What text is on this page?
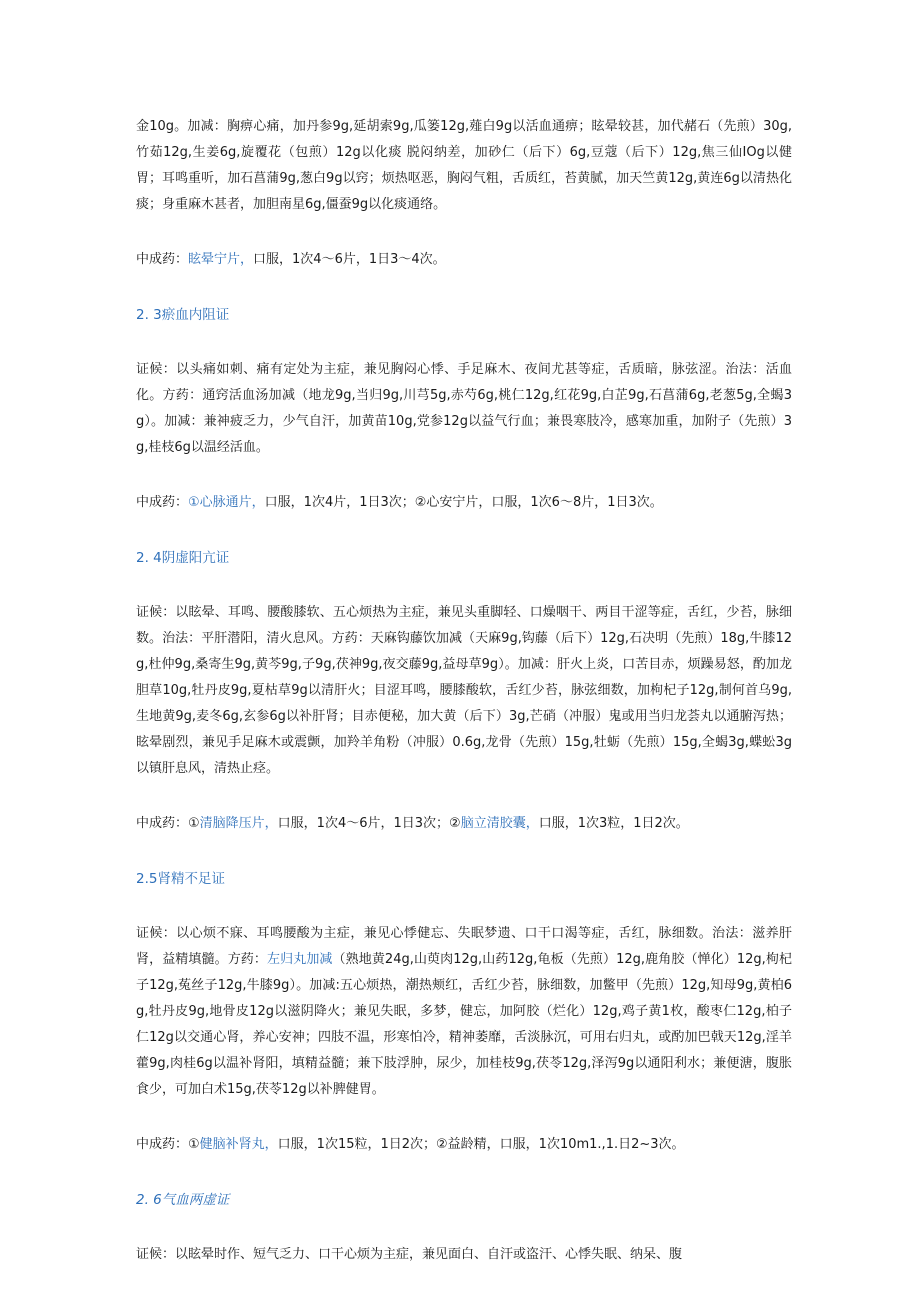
金10g。加减：胸痹心痛，加丹参9g,延胡索9g,瓜篓12g,薤白9g以活血通痹；眩晕较甚，加代赭石（先煎）30g,竹茹12g,生姜6g,旋覆花（包煎）12g以化痰 脱闷纳差，加砂仁（后下）6g,豆蔻（后下）12g,焦三仙IOg以健胃；耳鸣重听，加石菖蒲9g,葱白9g以窍；烦热呕恶，胸闷气粗，舌质红，苔黄腻，加天竺黄12g,黄连6g以清热化痰；身重麻木甚者，加胆南星6g,僵蚕9g以化痰通络。

中成药：眩晕宁片，口服，1次4〜6片，1日3〜4次。

2. 3瘀血内阻证

证候：以头痛如刺、痛有定处为主症，兼见胸闷心悸、手足麻木、夜间尤甚等症，舌质暗，脉弦涩。治法：活血化。方药：通窍活血汤加减（地龙9g,当归9g,川芎5g,赤芍6g,桃仁12g,红花9g,白芷9g,石菖蒲6g,老葱5g,全蝎3g）。加减：兼神疲乏力，少气自汗，加黄苗10g,党参12g以益气行血；兼畏寒肢冷，感寒加重，加附子（先煎）3g,桂枝6g以温经活血。

中成药：①心脉通片，口服，1次4片，1日3次；②心安宁片，口服，1次6〜8片，1日3次。

2. 4阴虚阳亢证

证候：以眩晕、耳鸣、腰酸膝软、五心烦热为主症，兼见头重脚轻、口燥咽干、两目干涩等症，舌红，少苔，脉细数。治法：平肝潜阳，清火息风。方药：天麻钩藤饮加减（天麻9g,钩藤（后下）12g,石决明（先煎）18g,牛膝12g,杜仲9g,桑寄生9g,黄芩9g,子9g,茯神9g,夜交藤9g,益母草9g）。加减：肝火上炎，口苦目赤，烦躁易怒，酌加龙胆草10g,牡丹皮9g,夏枯草9g以清肝火；目涩耳鸣，腰膝酸软，舌红少苔，脉弦细数，加枸杞子12g,制何首乌9g,生地黄9g,麦冬6g,玄参6g以补肝肾；目赤便秘，加大黄（后下）3g,芒硝（冲服）鬼或用当归龙荟丸以通腑泻热；眩晕剧烈，兼见手足麻木或震颤，加羚羊角粉（冲服）0.6g,龙骨（先煎）15g,牡蛎（先煎）15g,全蝎3g,蝶蚣3g以镇肝息风，清热止痉。

中成药：①清脑降压片，口服，1次4〜6片，1日3次；②脑立清胶囊，口服，1次3粒，1日2次。

2.5肾精不足证

证候：以心烦不寐、耳鸣腰酸为主症，兼见心悸健忘、失眠梦遗、口干口渴等症，舌红，脉细数。治法：滋养肝肾，益精填髓。方药：左归丸加减（熟地黄24g,山萸肉12g,山药12g,龟板（先煎）12g,鹿角胶（惮化）12g,枸杞子12g,菟丝子12g,牛膝9g）。加减:五心烦热，潮热颊红，舌红少苔，脉细数，加鳖甲（先煎）12g,知母9g,黄柏6g,牡丹皮9g,地骨皮12g以滋阴降火；兼见失眠，多梦，健忘，加阿胶（烂化）12g,鸡子黄1枚，酸枣仁12g,柏子仁12g以交通心肾，养心安神；四肢不温，形寒怕冷，精神萎靡，舌淡脉沉，可用右归丸，或酌加巴戟天12g,淫羊藿9g,肉桂6g以温补肾阳，填精益髓；兼下肢浮肿，尿少，加桂枝9g,茯苓12g,泽泻9g以通阳利水；兼便溏，腹胀食少，可加白术15g,茯苓12g以补脾健胃。

中成药：①健脑补肾丸，口服，1次15粒，1日2次；②益龄精，口服，1次10m1.,1.日2~3次。

2. 6气血两虚证

证候：以眩晕时作、短气乏力、口干心烦为主症，兼见面白、自汗或盗汗、心悸失眠、纳呆、腹
